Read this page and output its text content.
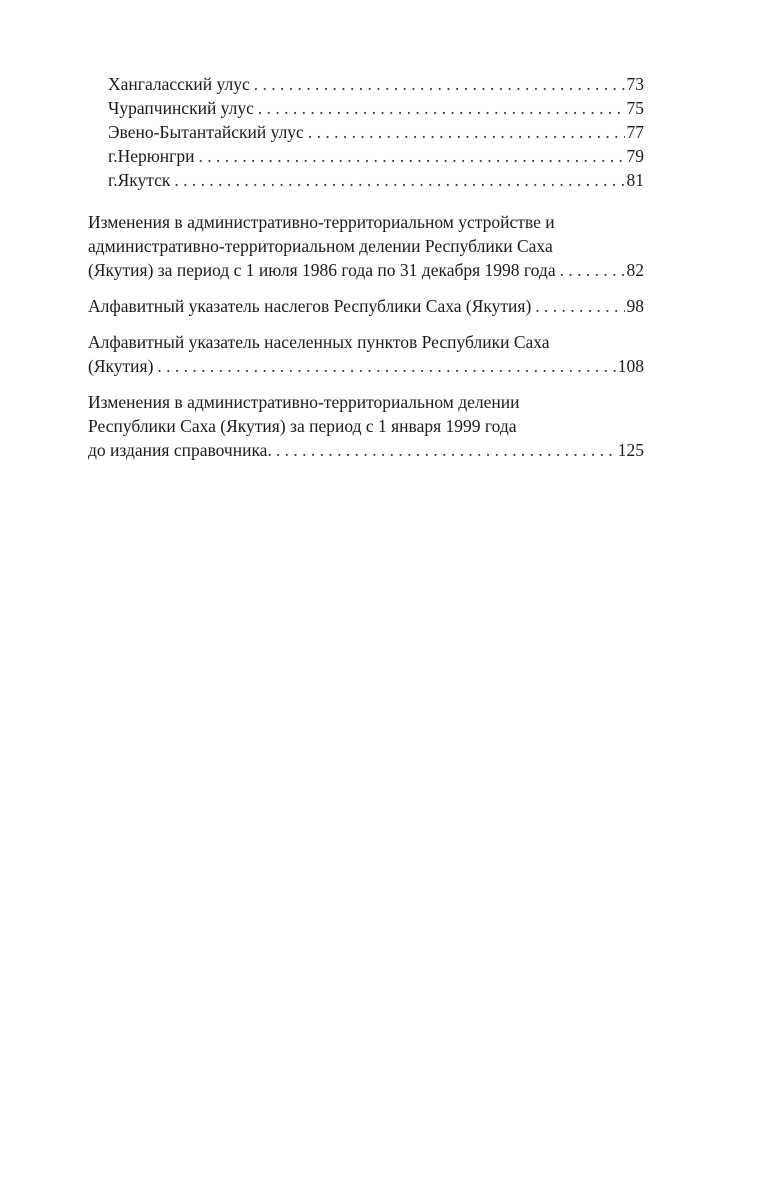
Хангаласский улус . . .	73
Чурапчинский улус . . .	75
Эвено-Бытантайский улус . . .	77
г.Нерюнгри . . .	79
г.Якутск . . .	81
Изменения в административно-территориальном устройстве и
административно-территориальном делении Республики Саха
(Якутия) за период с 1 июля 1986 года по 31 декабря 1998 года . . .	82
Алфавитный указатель наслегов Республики Саха (Якутия) . . .	98
Алфавитный указатель населенных пунктов Республики Саха
(Якутия) . . .	108
Изменения в административно-территориальном делении
Республики Саха (Якутия) за период с 1 января 1999 года
до издания справочника. . . .	125
